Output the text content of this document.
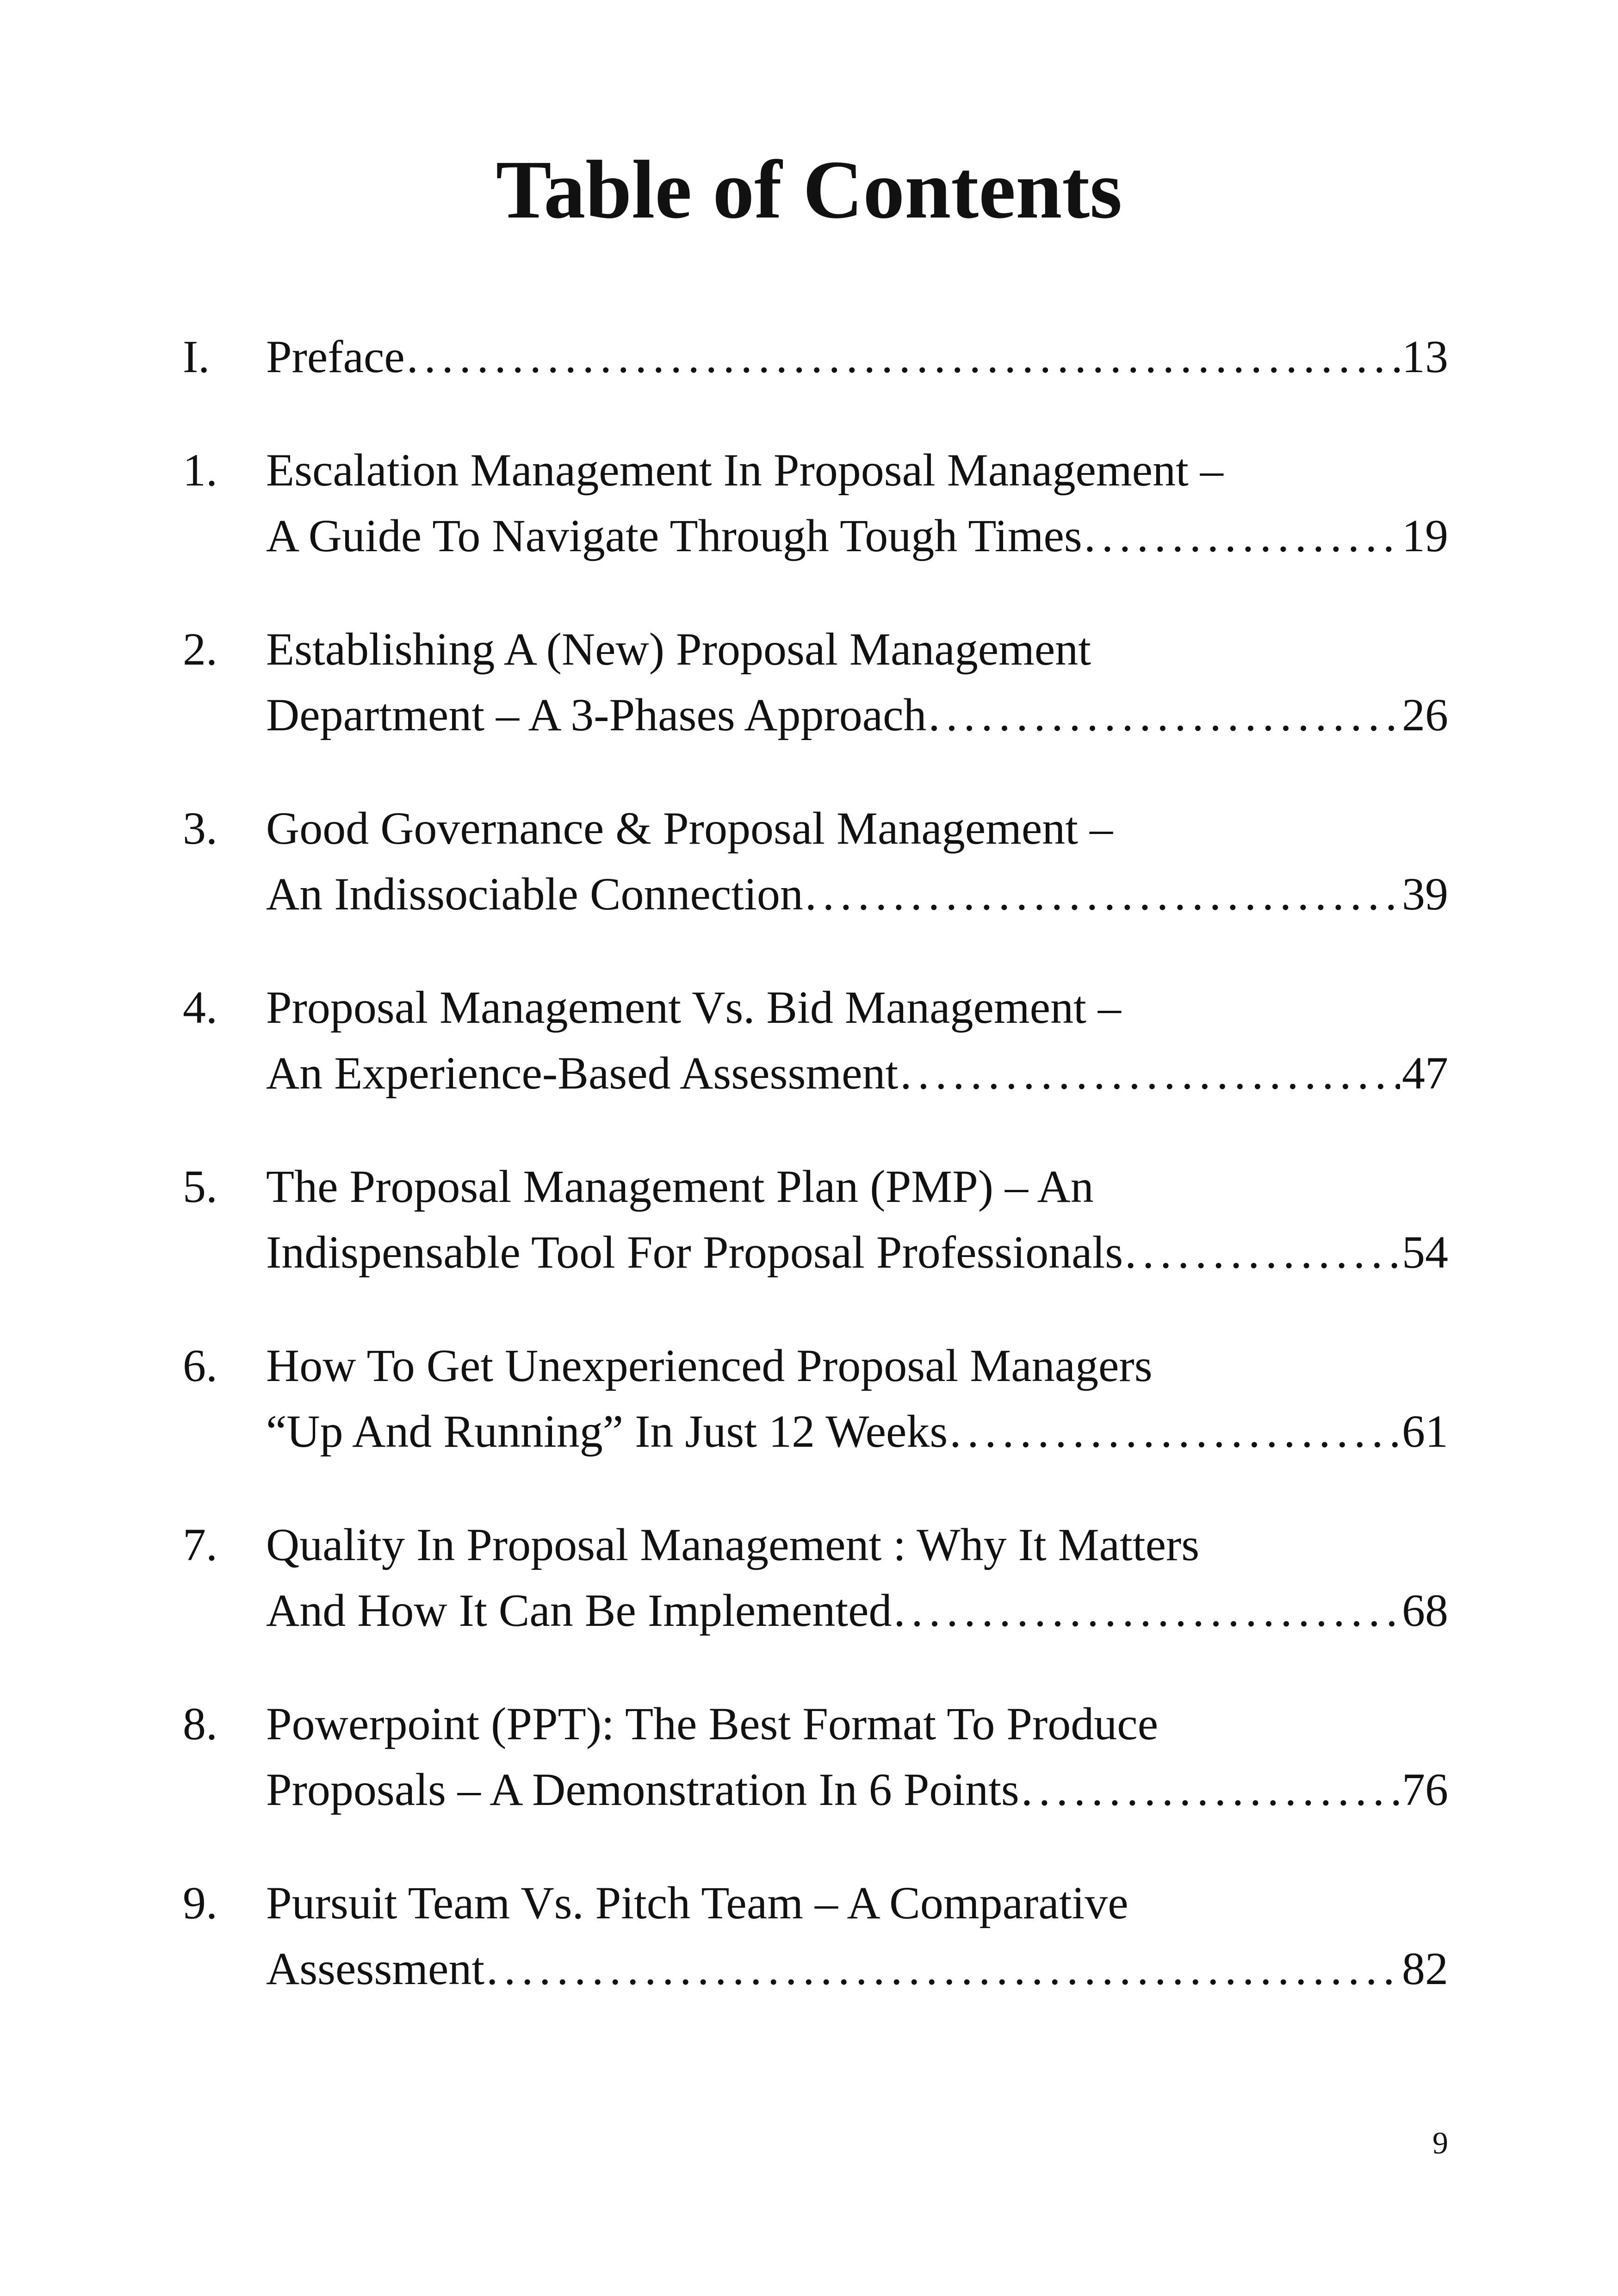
Table of Contents
I.	Preface . . .	13
1.	Escalation Management In Proposal Management –
A Guide To Navigate Through Tough Times . . .	19
2.	Establishing A (New) Proposal Management
Department – A 3-Phases Approach . . .	26
3.	Good Governance & Proposal Management –
An Indissociable Connection . . .	39
4.	Proposal Management Vs. Bid Management –
An Experience-Based Assessment . . .	47
5.	The Proposal Management Plan (PMP) – An
Indispensable Tool For Proposal Professionals . . .	54
6.	How To Get Unexperienced Proposal Managers
“Up And Running” In Just 12 Weeks . . .	61
7.	Quality In Proposal Management : Why It Matters
And How It Can Be Implemented . . .	68
8.	Powerpoint (PPT): The Best Format To Produce
Proposals – A Demonstration In 6 Points . . .	76
9.	Pursuit Team Vs. Pitch Team – A Comparative
Assessment . . .	82
9
